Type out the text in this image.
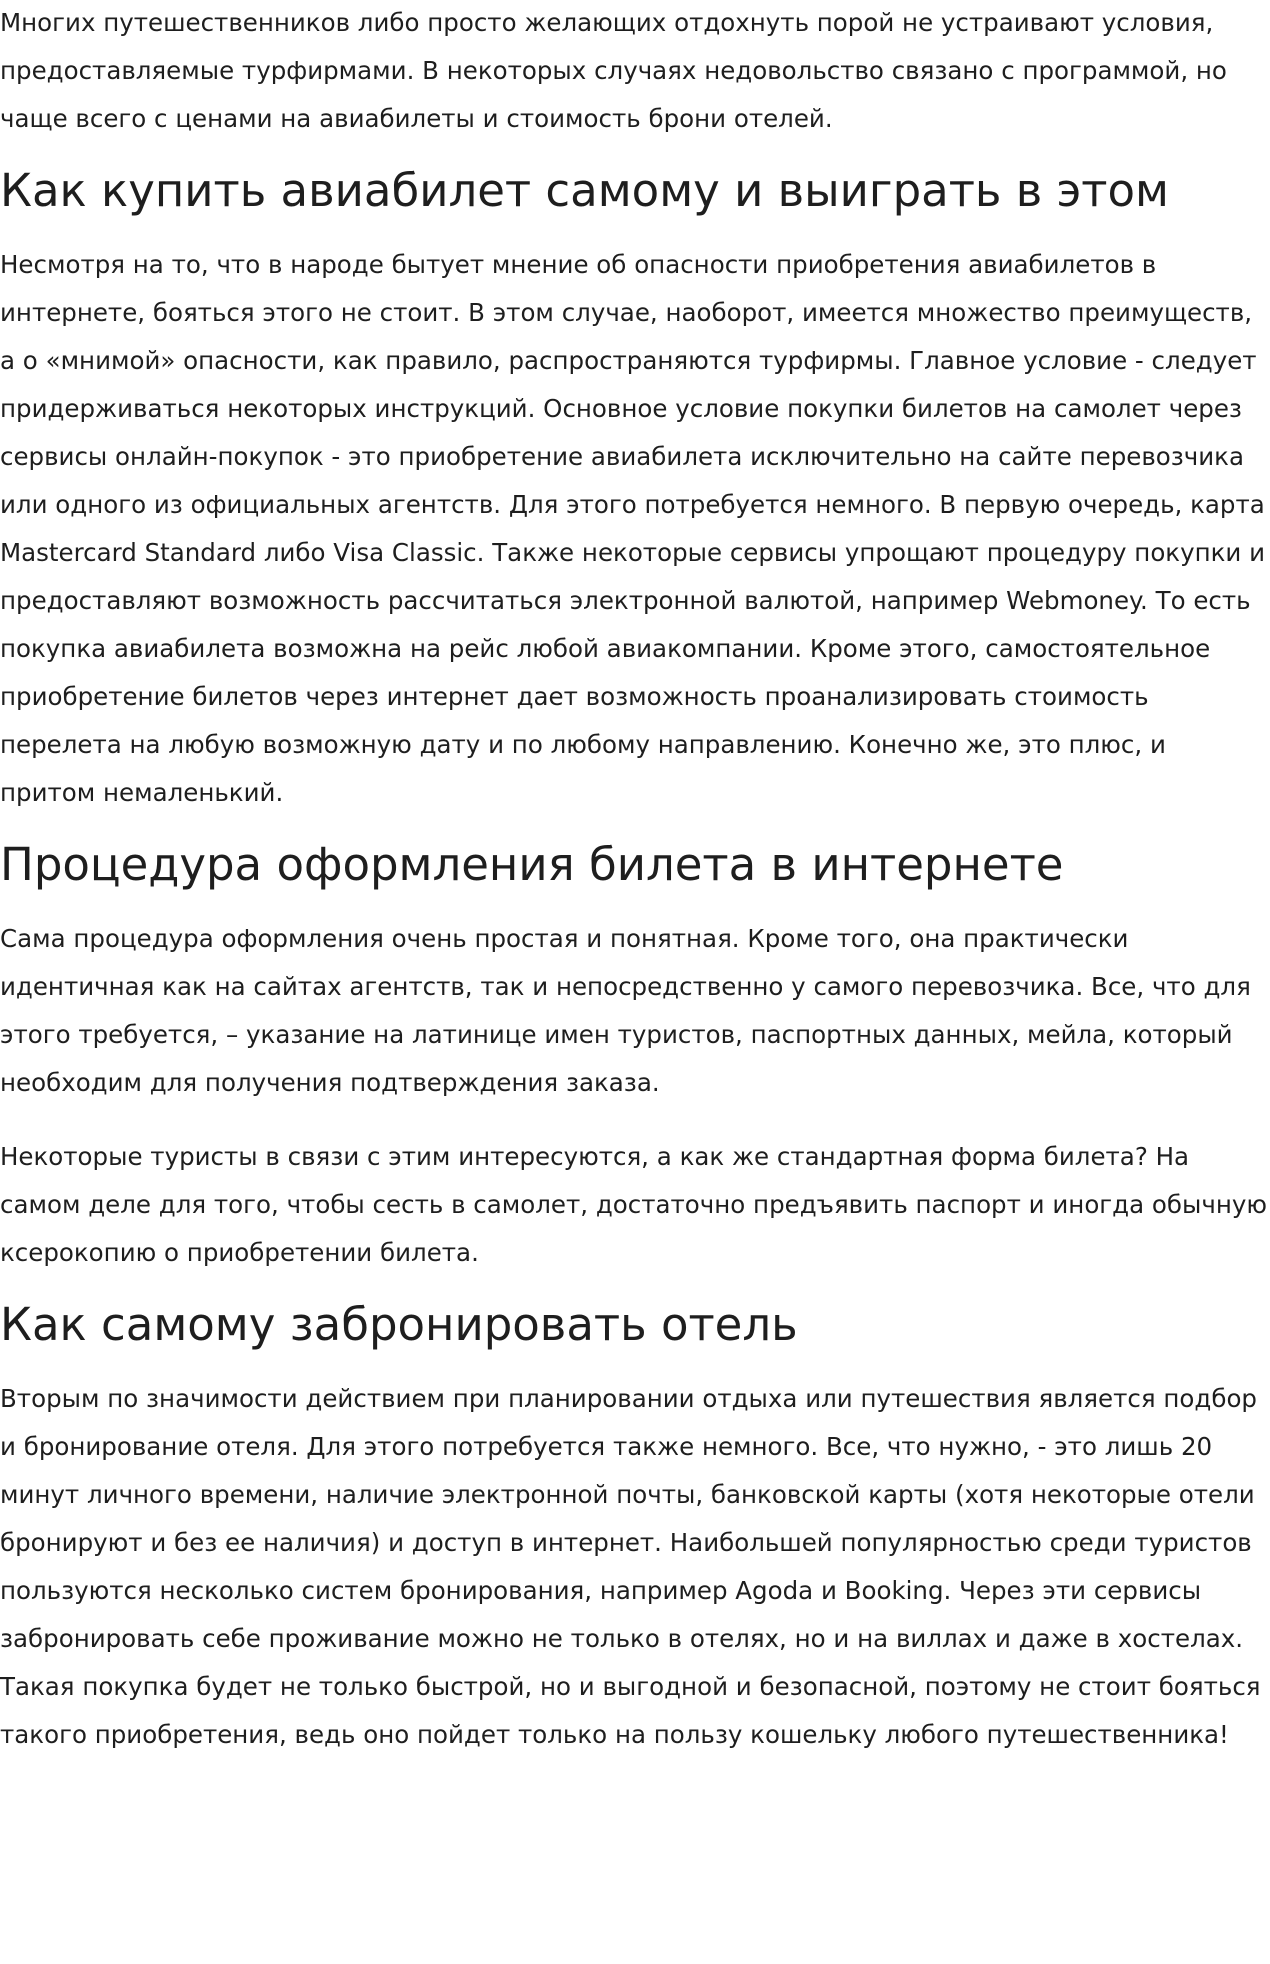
Многих путешественников либо просто желающих отдохнуть порой не устраивают условия, предоставляемые турфирмами. В некоторых случаях недовольство связано с программой, но чаще всего с ценами на авиабилеты и стоимость брони отелей.

Как купить авиабилет самому и выиграть в этом

Несмотря на то, что в народе бытует мнение об опасности приобретения авиабилетов в интернете, бояться этого не стоит. В этом случае, наоборот, имеется множество преимуществ, а о «мнимой» опасности, как правило, распространяются турфирмы. Главное условие - следует придерживаться некоторых инструкций. Основное условие покупки билетов на самолет через сервисы онлайн-покупок - это приобретение авиабилета исключительно на сайте перевозчика или одного из официальных агентств. Для этого потребуется немного. В первую очередь, карта Mastercard Standard либо Visa Classic. Также некоторые сервисы упрощают процедуру покупки и предоставляют возможность рассчитаться электронной валютой, например Webmoney. То есть покупка авиабилета возможна на рейс любой авиакомпании. Кроме этого, самостоятельное приобретение билетов через интернет дает возможность проанализировать стоимость перелета на любую возможную дату и по любому направлению. Конечно же, это плюс, и притом немаленький.

Процедура оформления билета в интернете

Сама процедура оформления очень простая и понятная. Кроме того, она практически идентичная как на сайтах агентств, так и непосредственно у самого перевозчика. Все, что для этого требуется, – указание на латинице имен туристов, паспортных данных, мейла, который необходим для получения подтверждения заказа.

Некоторые туристы в связи с этим интересуются, а как же стандартная форма билета? На самом деле для того, чтобы сесть в самолет, достаточно предъявить паспорт и иногда обычную ксерокопию о приобретении билета.

Как самому забронировать отель

Вторым по значимости действием при планировании отдыха или путешествия является подбор и бронирование отеля. Для этого потребуется также немного. Все, что нужно, - это лишь 20 минут личного времени, наличие электронной почты, банковской карты (хотя некоторые отели бронируют и без ее наличия) и доступ в интернет. Наибольшей популярностью среди туристов пользуются несколько систем бронирования, например Agoda и Booking. Через эти сервисы забронировать себе проживание можно не только в отелях, но и на виллах и даже в хостелах. Такая покупка будет не только быстрой, но и выгодной и безопасной, поэтому не стоит бояться такого приобретения, ведь оно пойдет только на пользу кошельку любого путешественника!
